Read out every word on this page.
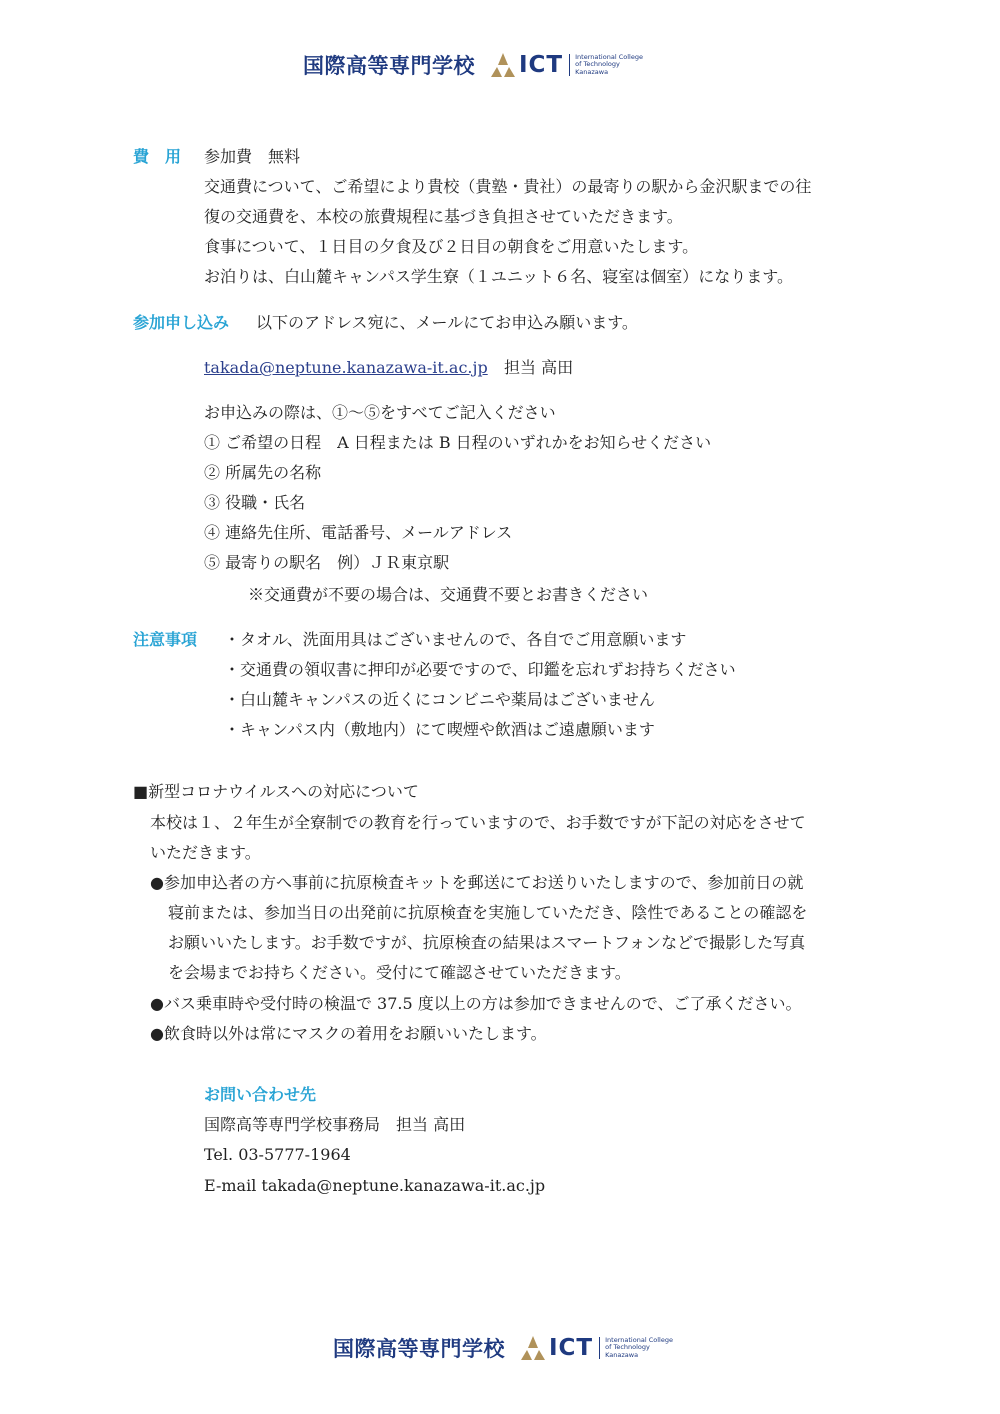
国際高等専門学校 ICT International College
of Technology
Kanazawa
費　用 参加費　無料
交通費について、ご希望により貴校（貴塾・貴社）の最寄りの駅から金沢駅までの往
復の交通費を、本校の旅費規程に基づき負担させていただきます。
食事について、１日目の夕食及び２日目の朝食をご用意いたします。
お泊りは、白山麓キャンパス学生寮（１ユニット６名、寝室は個室）になります。
参加申し込み 以下のアドレス宛に、メールにてお申込み願います。
takada@neptune.kanazawa-it.ac.jp 担当 高田
お申込みの際は、①～⑤をすべてご記入ください
① ご希望の日程　A 日程または B 日程のいずれかをお知らせください
② 所属先の名称
③ 役職・氏名
④ 連絡先住所、電話番号、メールアドレス
⑤ 最寄りの駅名　例）ＪＲ東京駅
※交通費が不要の場合は、交通費不要とお書きください
注意事項 ・タオル、洗面用具はございませんので、各自でご用意願います
・交通費の領収書に押印が必要ですので、印鑑を忘れずお持ちください
・白山麓キャンパスの近くにコンビニや薬局はございません
・キャンパス内（敷地内）にて喫煙や飲酒はご遠慮願います
■新型コロナウイルスへの対応について
本校は１、２年生が全寮制での教育を行っていますので、お手数ですが下記の対応をさせて
いただきます。
●参加申込者の方へ事前に抗原検査キットを郵送にてお送りいたしますので、参加前日の就
寝前または、参加当日の出発前に抗原検査を実施していただき、陰性であることの確認を
お願いいたします。お手数ですが、抗原検査の結果はスマートフォンなどで撮影した写真
を会場までお持ちください。受付にて確認させていただきます。
●バス乗車時や受付時の検温で 37.5 度以上の方は参加できませんので、ご了承ください。
●飲食時以外は常にマスクの着用をお願いいたします。
お問い合わせ先
国際高等専門学校事務局　担当 高田
Tel. 03-5777-1964
E-mail takada@neptune.kanazawa-it.ac.jp
国際高等専門学校 ICT International College
of Technology
Kanazawa
